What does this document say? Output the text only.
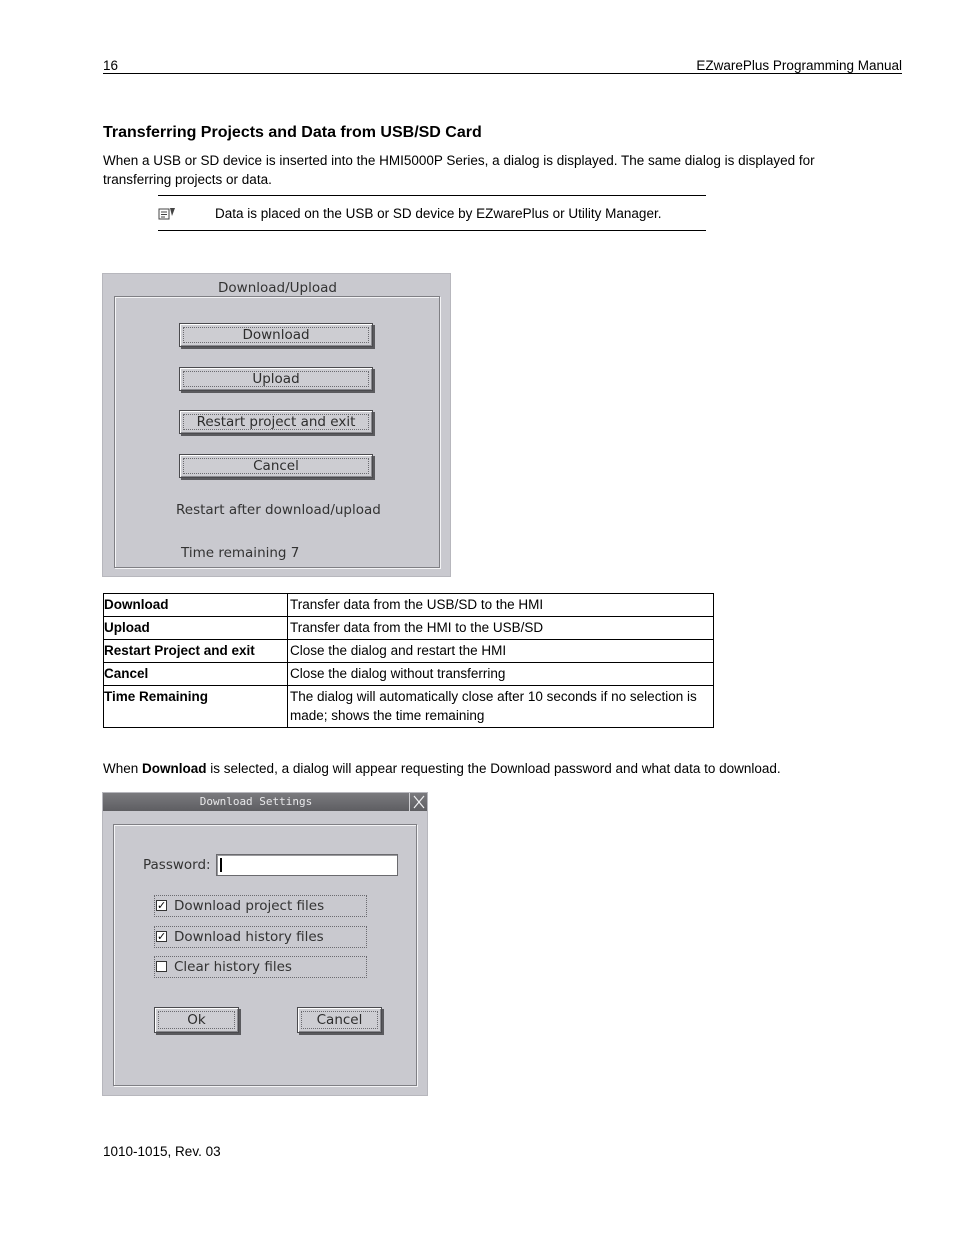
16	EZwarePlus Programming Manual
Transferring Projects and Data from USB/SD Card
When a USB or SD device is inserted into the HMI5000P Series, a dialog is displayed. The same dialog is displayed for
transferring projects or data.
Data is placed on the USB or SD device by EZwarePlus or Utility Manager.
Download/Upload
Download
Upload
Restart project and exit
Cancel
Restart after download/upload
Time remaining 7
Download	Transfer data from the USB/SD to the HMI
Upload	Transfer data from the HMI to the USB/SD
Restart Project and exit	Close the dialog and restart the HMI
Cancel	Close the dialog without transferring
Time Remaining	The dialog will automatically close after 10 seconds if no selection is made; shows the time remaining
When Download is selected, a dialog will appear requesting the Download password and what data to download.
Download Settings
Password:
✓ Download project files
✓ Download history files
Clear history files
Ok	Cancel
1010-1015, Rev. 03
